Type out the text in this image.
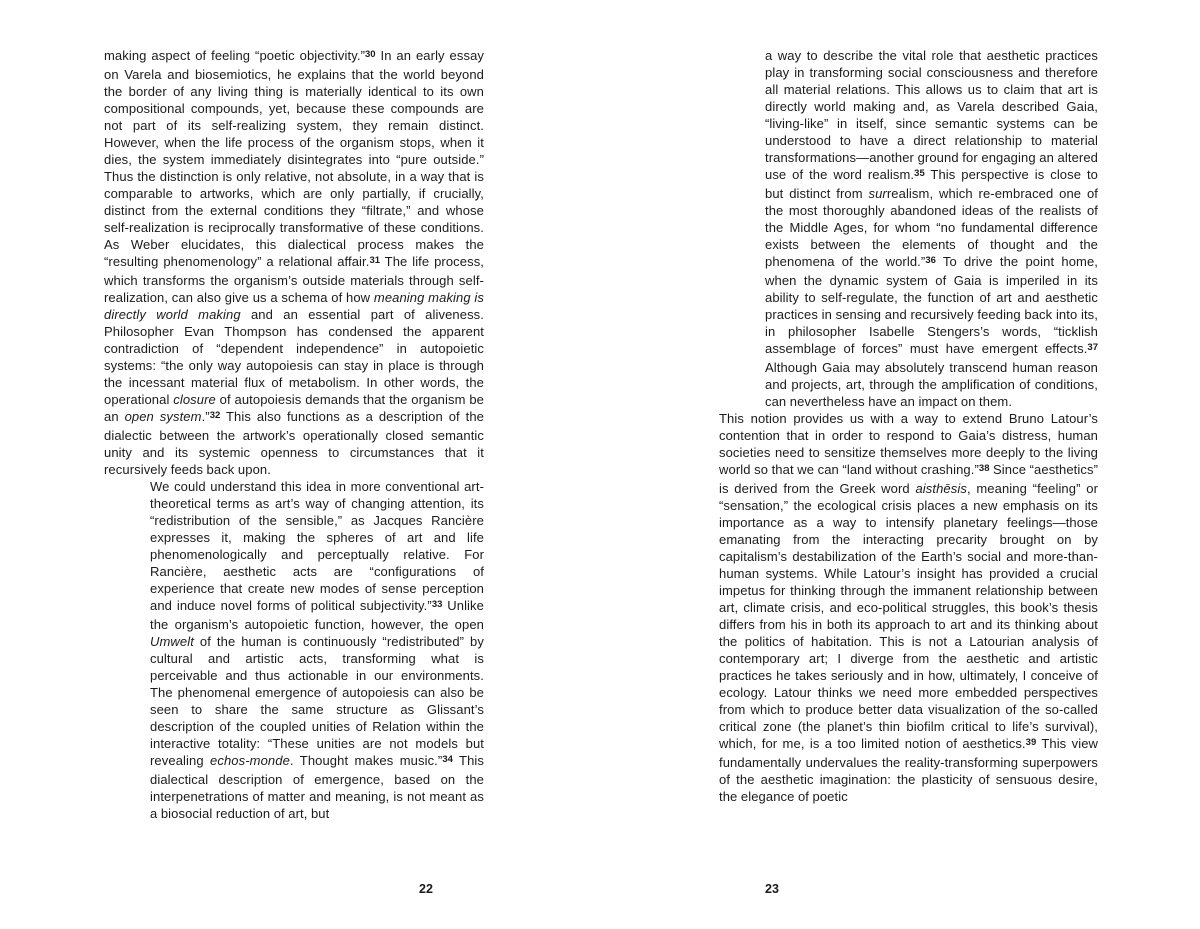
making aspect of feeling “poetic objectivity.”$^{30}$ In an early essay on Varela and biosemiotics, he explains that the world beyond the border of any living thing is materially identical to its own compositional compounds, yet, because these compounds are not part of its self-realizing system, they remain distinct. However, when the life process of the organism stops, when it dies, the system immediately disintegrates into “pure outside.” Thus the distinction is only relative, not absolute, in a way that is comparable to artworks, which are only partially, if crucially, distinct from the external conditions they “filtrate,” and whose self-realization is reciprocally transformative of these conditions. As Weber elucidates, this dialectical process makes the “resulting phenomenology” a relational affair.$^{31}$ The life process, which transforms the organism’s outside materials through self-realization, can also give us a schema of how meaning making is directly world making and an essential part of aliveness. Philosopher Evan Thompson has condensed the apparent contradiction of “dependent independence” in autopoietic systems: “the only way autopoiesis can stay in place is through the incessant material flux of metabolism. In other words, the operational closure of autopoiesis demands that the organism be an open system.”$^{32}$ This also functions as a description of the dialectic between the artwork’s operationally closed semantic unity and its systemic openness to circumstances that it recursively feeds back upon.

We could understand this idea in more conventional art-theoretical terms as art’s way of changing attention, its “redistribution of the sensible,” as Jacques Rancière expresses it, making the spheres of art and life phenomenologically and perceptually relative. For Rancière, aesthetic acts are “configurations of experience that create new modes of sense perception and induce novel forms of political subjectivity.”$^{33}$ Unlike the organism’s autopoietic function, however, the open Umwelt of the human is continuously “redistributed” by cultural and artistic acts, transforming what is perceivable and thus actionable in our environments. The phenomenal emergence of autopoiesis can also be seen to share the same structure as Glissant’s description of the coupled unities of Relation within the interactive totality: “These unities are not models but revealing echos-monde. Thought makes music.”$^{34}$ This dialectical description of emergence, based on the interpenetrations of matter and meaning, is not meant as a biosocial reduction of art, but

22

a way to describe the vital role that aesthetic practices play in transforming social consciousness and therefore all material relations. This allows us to claim that art is directly world making and, as Varela described Gaia, “living-like” in itself, since semantic systems can be understood to have a direct relationship to material transformations—another ground for engaging an altered use of the word realism.$^{35}$ This perspective is close to but distinct from surrealism, which re-embraced one of the most thoroughly abandoned ideas of the realists of the Middle Ages, for whom “no fundamental difference exists between the elements of thought and the phenomena of the world.”$^{36}$ To drive the point home, when the dynamic system of Gaia is imperiled in its ability to self-regulate, the function of art and aesthetic practices in sensing and recursively feeding back into its, in philosopher Isabelle Stengers’s words, “ticklish assemblage of forces” must have emergent effects.$^{37}$ Although Gaia may absolutely transcend human reason and projects, art, through the amplification of conditions, can nevertheless have an impact on them.

This notion provides us with a way to extend Bruno Latour’s contention that in order to respond to Gaia’s distress, human societies need to sensitize themselves more deeply to the living world so that we can “land without crashing.”$^{38}$ Since “aesthetics” is derived from the Greek word aisthēsis, meaning “feeling” or “sensation,” the ecological crisis places a new emphasis on its importance as a way to intensify planetary feelings—those emanating from the interacting precarity brought on by capitalism’s destabilization of the Earth’s social and more-than-human systems. While Latour’s insight has provided a crucial impetus for thinking through the immanent relationship between art, climate crisis, and eco-political struggles, this book’s thesis differs from his in both its approach to art and its thinking about the politics of habitation. This is not a Latourian analysis of contemporary art; I diverge from the aesthetic and artistic practices he takes seriously and in how, ultimately, I conceive of ecology. Latour thinks we need more embedded perspectives from which to produce better data visualization of the so-called critical zone (the planet’s thin biofilm critical to life’s survival), which, for me, is a too limited notion of aesthetics.$^{39}$ This view fundamentally undervalues the reality-transforming superpowers of the aesthetic imagination: the plasticity of sensuous desire, the elegance of poetic

23
